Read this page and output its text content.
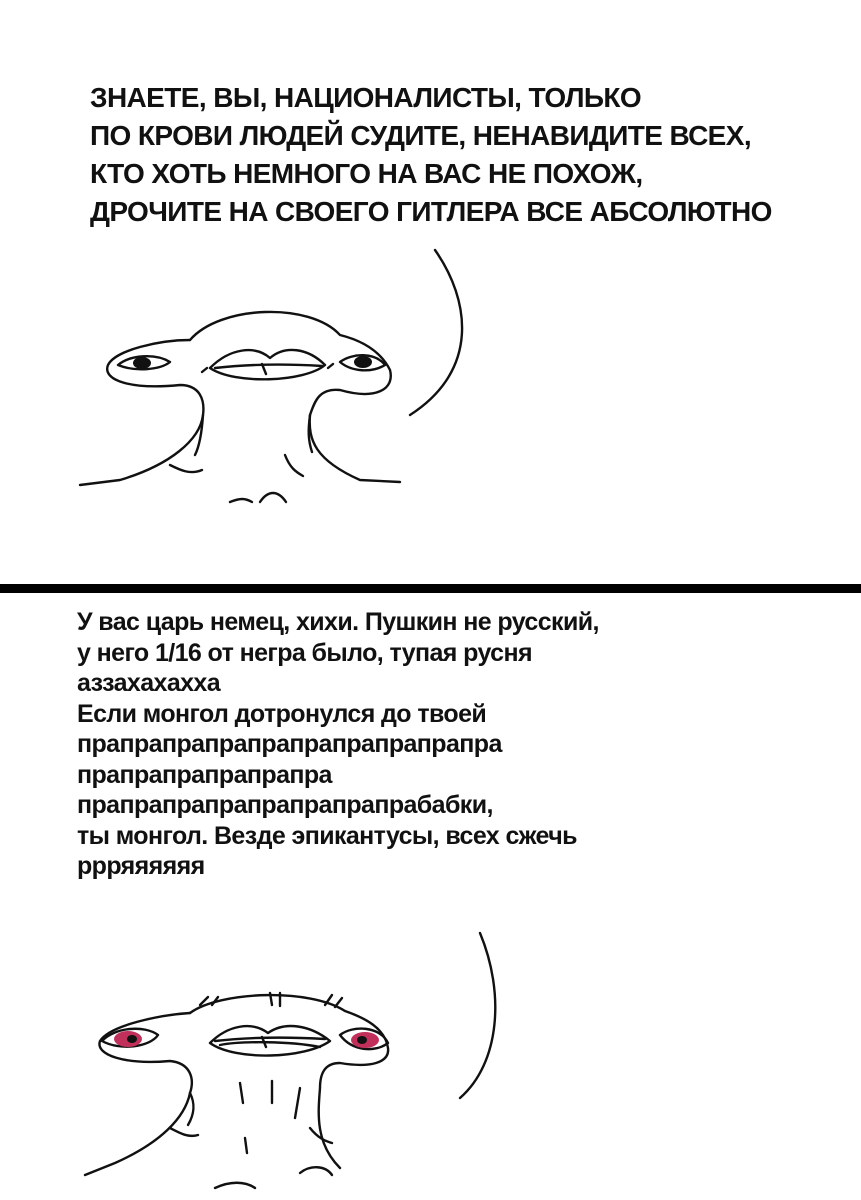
ЗНАЕТЕ, ВЫ, НАЦИОНАЛИСТЫ, ТОЛЬКО
ПО КРОВИ ЛЮДЕЙ СУДИТЕ, НЕНАВИДИТЕ ВСЕХ,
КТО ХОТЬ НЕМНОГО НА ВАС НЕ ПОХОЖ,
ДРОЧИТЕ НА СВОЕГО ГИТЛЕРА ВСЕ АБСОЛЮТНО

У вас царь немец, хихи. Пушкин не русский,
у него 1/16 от негра было, тупая русня
аззахахахха
Если монгол дотронулся до твоей
прапрапрапрапрапрапрапрапрапра
прапрапрапрапрапра
прапрапрапрапрапрапрапрабабки,
ты монгол. Везде эпикантусы, всех сжечь
ррряяяяяя
